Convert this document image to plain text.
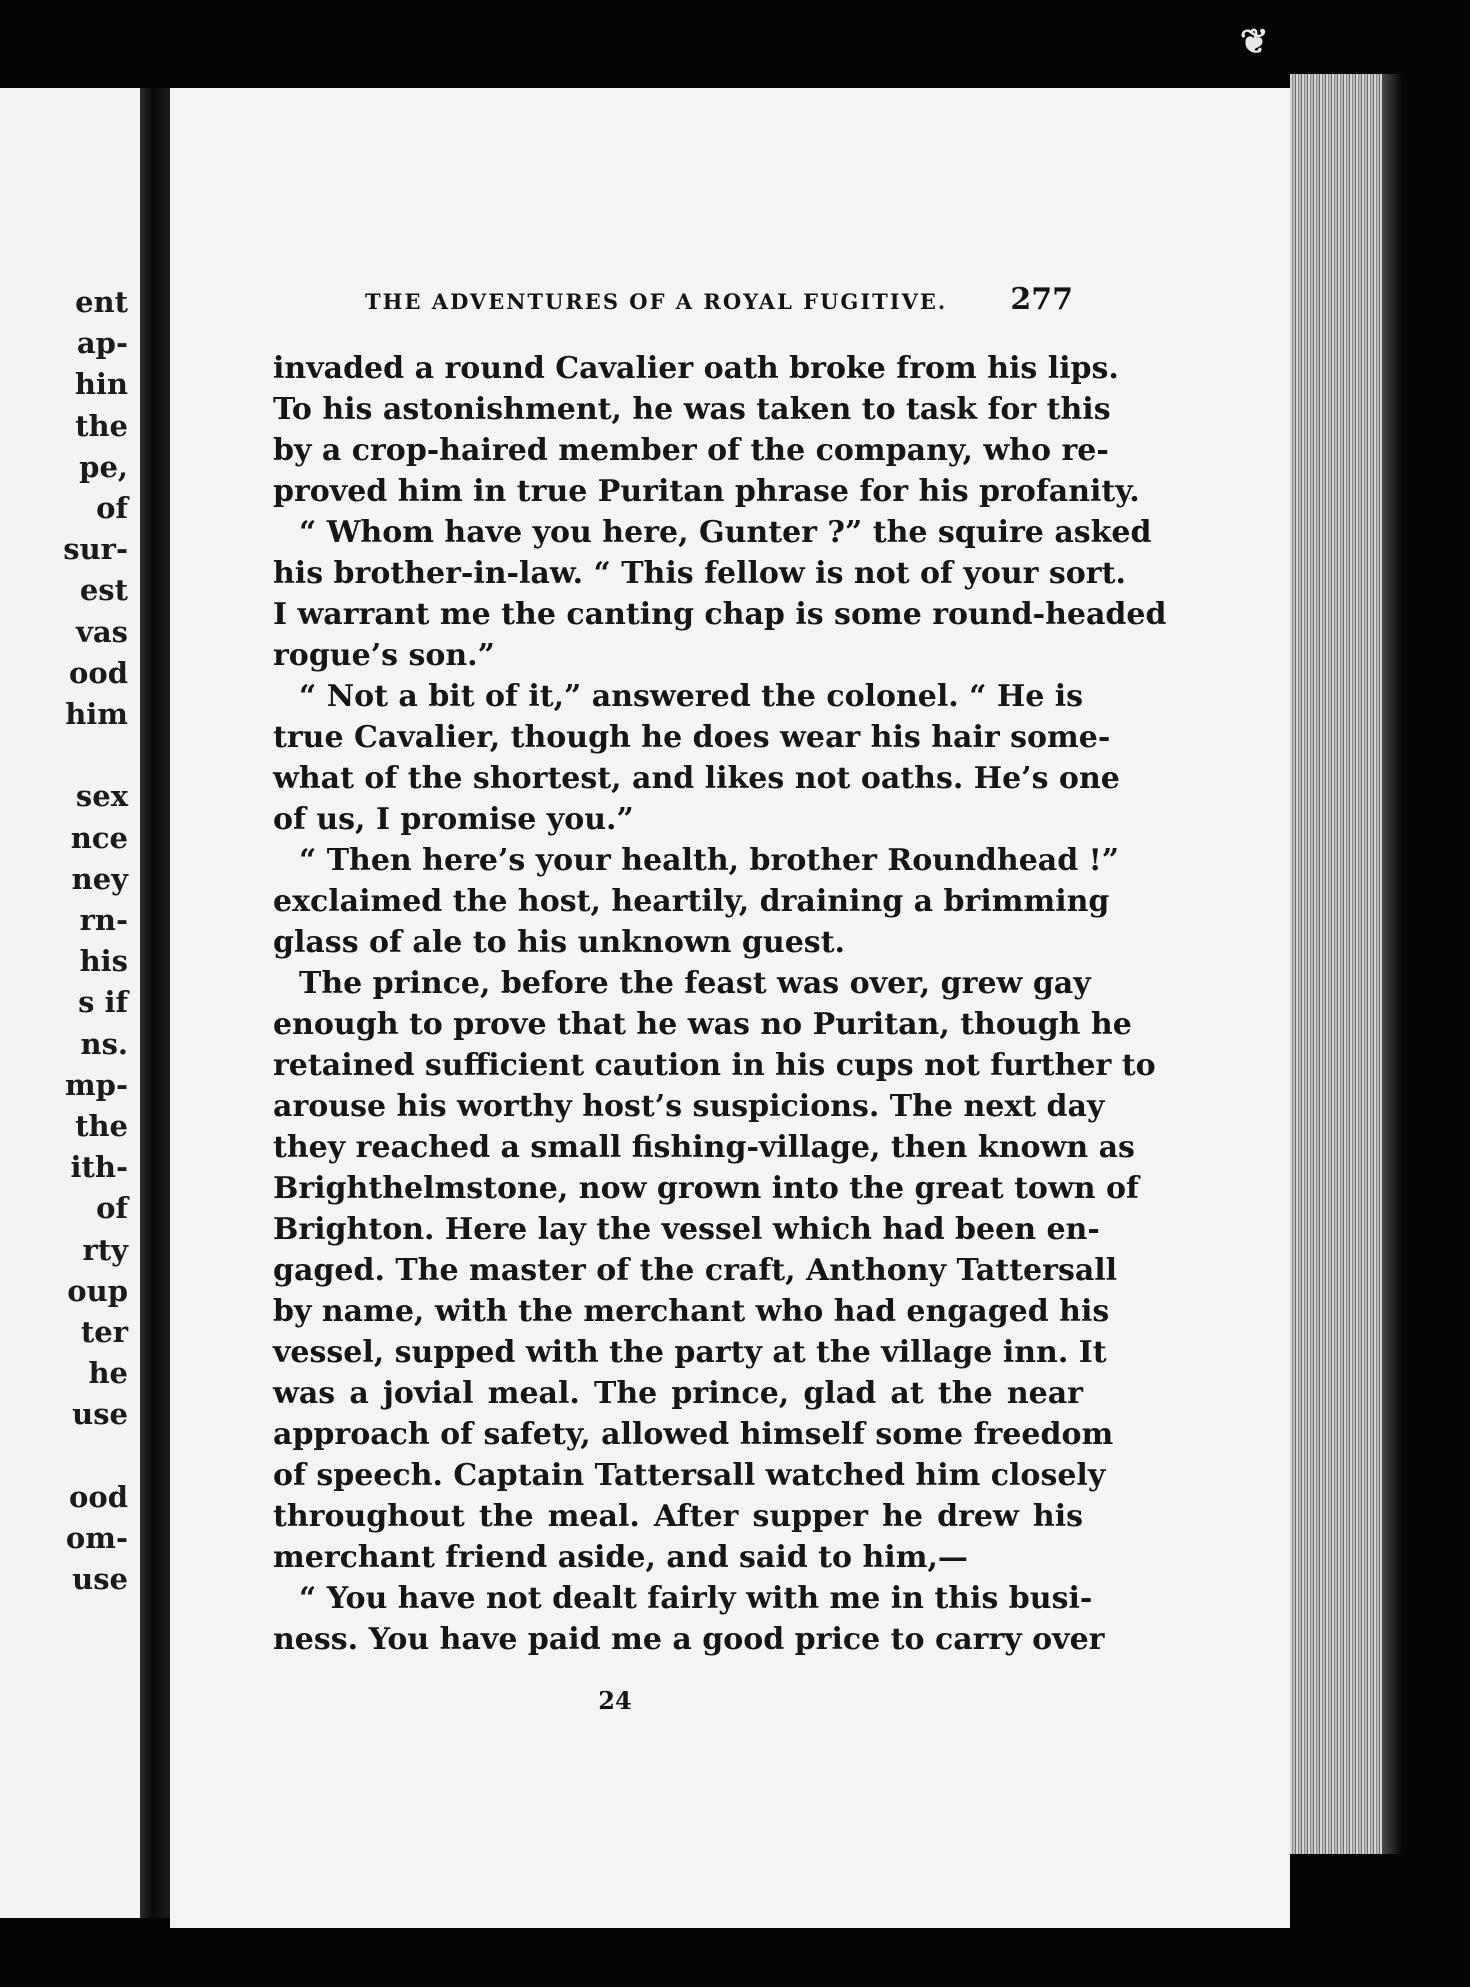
ent

ap-

hin

the

pe,

of

sur-

est

vas

ood

him

sex

nce

ney

rn-

his

s if

ns.

mp-

the

ith-

of

rty

oup

ter

he

use

ood

om-

use

❦
THE ADVENTURES OF A ROYAL FUGITIVE. 277
invaded a round Cavalier oath broke from his lips.
To his astonishment, he was taken to task for this
by a crop-haired member of the company, who re-
proved him in true Puritan phrase for his profanity.
“ Whom have you here, Gunter ?” the squire asked
his brother-in-law. “ This fellow is not of your sort.
I warrant me the canting chap is some round-headed
rogue’s son.”
“ Not a bit of it,” answered the colonel. “ He is
true Cavalier, though he does wear his hair some-
what of the shortest, and likes not oaths. He’s one
of us, I promise you.”
“ Then here’s your health, brother Roundhead !”
exclaimed the host, heartily, draining a brimming
glass of ale to his unknown guest.
The prince, before the feast was over, grew gay
enough to prove that he was no Puritan, though he
retained sufficient caution in his cups not further to
arouse his worthy host’s suspicions. The next day
they reached a small fishing-village, then known as
Brighthelmstone, now grown into the great town of
Brighton. Here lay the vessel which had been en-
gaged. The master of the craft, Anthony Tattersall
by name, with the merchant who had engaged his
vessel, supped with the party at the village inn. It
was a jovial meal. The prince, glad at the near
approach of safety, allowed himself some freedom
of speech. Captain Tattersall watched him closely
throughout the meal. After supper he drew his
merchant friend aside, and said to him,—
“ You have not dealt fairly with me in this busi-
ness. You have paid me a good price to carry over
24
